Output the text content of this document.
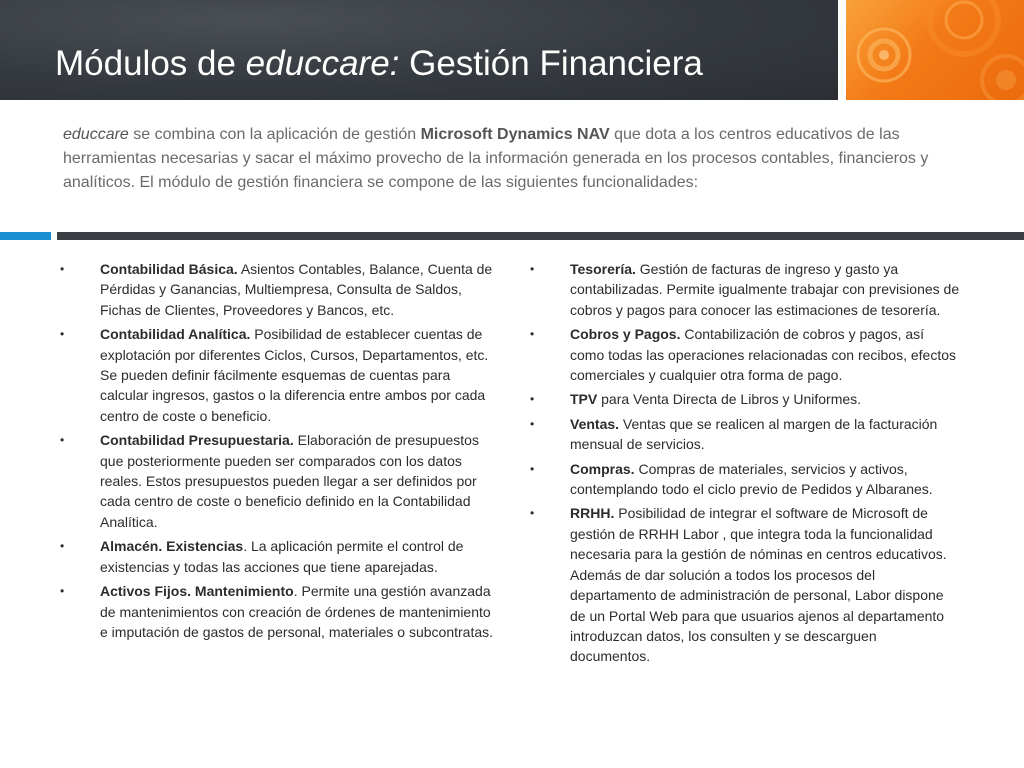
Módulos de educcare: Gestión Financiera

educcare se combina con la aplicación de gestión Microsoft Dynamics NAV que dota a los centros educativos de las herramientas necesarias y sacar el máximo provecho de la información generada en los procesos contables, financieros y analíticos. El módulo de gestión financiera se compone de las siguientes funcionalidades:

•	Contabilidad Básica. Asientos Contables, Balance, Cuenta de Pérdidas y Ganancias, Multiempresa, Consulta de Saldos, Fichas de Clientes, Proveedores y Bancos, etc.
•	Contabilidad Analítica. Posibilidad de establecer cuentas de explotación por diferentes Ciclos, Cursos, Departamentos, etc. Se pueden definir fácilmente esquemas de cuentas para calcular ingresos, gastos o la diferencia entre ambos por cada centro de coste o beneficio.
•	Contabilidad Presupuestaria. Elaboración de presupuestos que posteriormente pueden ser comparados con los datos reales. Estos presupuestos pueden llegar a ser definidos por cada centro de coste o beneficio definido en la Contabilidad Analítica.
•	Almacén. Existencias. La aplicación permite el control de existencias y todas las acciones que tiene aparejadas.
•	Activos Fijos. Mantenimiento. Permite una gestión avanzada de mantenimientos con creación de órdenes de mantenimiento e imputación de gastos de personal, materiales o subcontratas.
•	Tesorería. Gestión de facturas de ingreso y gasto ya contabilizadas. Permite igualmente trabajar con previsiones de cobros y pagos para conocer las estimaciones de tesorería.
•	Cobros y Pagos. Contabilización de cobros y pagos, así como todas las operaciones relacionadas con recibos, efectos comerciales y cualquier otra forma de pago.
•	TPV para Venta Directa de Libros y Uniformes.
•	Ventas. Ventas que se realicen al margen de la facturación mensual de servicios.
•	Compras. Compras de materiales, servicios y activos, contemplando todo el ciclo previo de Pedidos y Albaranes.
•	RRHH. Posibilidad de integrar el software de Microsoft de gestión de RRHH Labor , que integra toda la funcionalidad necesaria para la gestión de nóminas en centros educativos. Además de dar solución a todos los procesos del departamento de administración de personal, Labor dispone de un Portal Web para que usuarios ajenos al departamento introduzcan datos, los consulten y se descarguen documentos.
